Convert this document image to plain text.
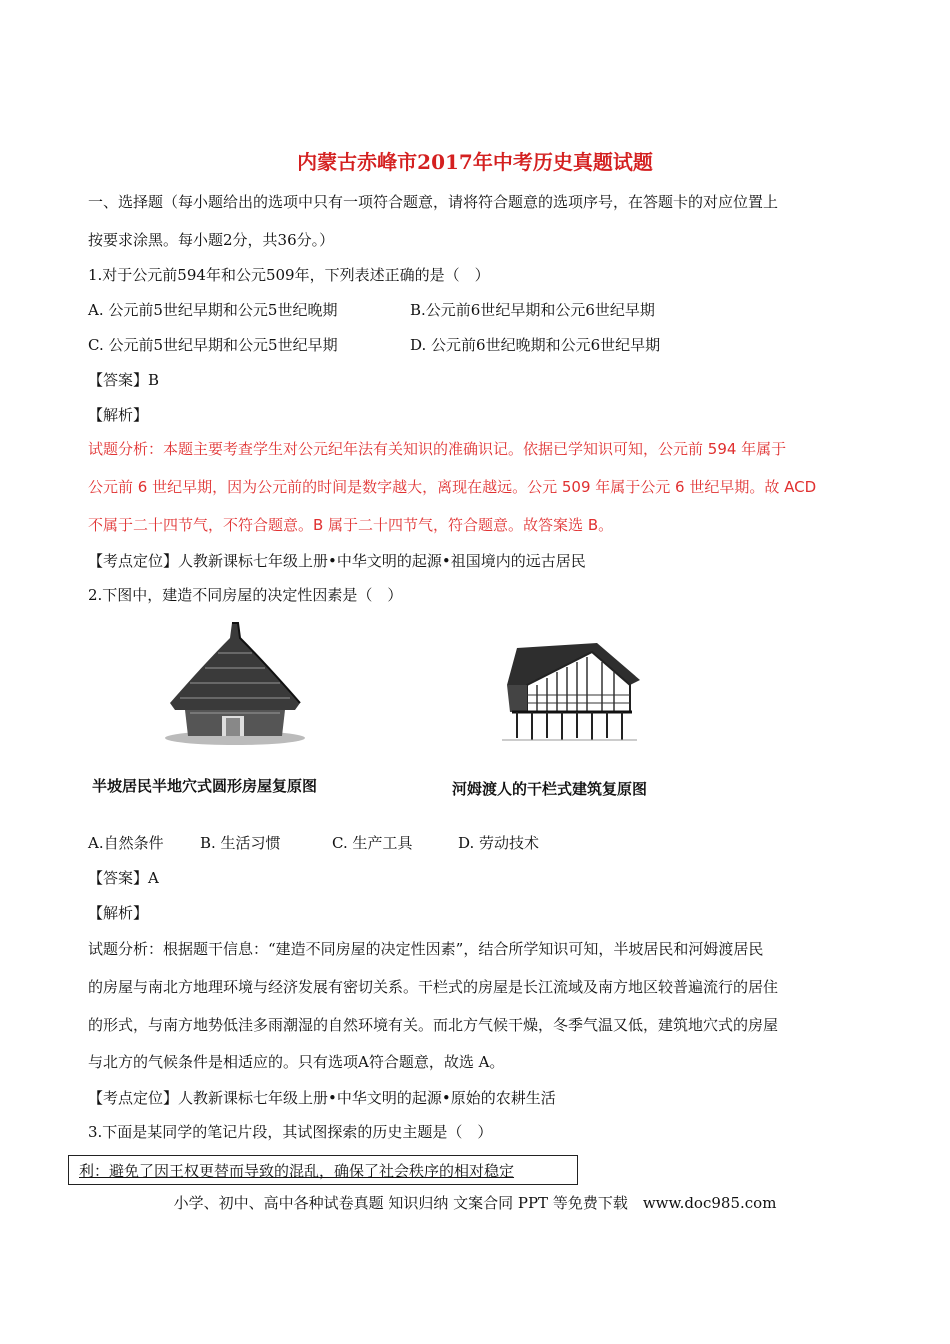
内蒙古赤峰市2017年中考历史真题试题
一、选择题（每小题给出的选项中只有一项符合题意，请将符合题意的选项序号，在答题卡的对应位置上
按要求涂黑。每小题2分，共36分。）
1.对于公元前594年和公元509年，下列表述正确的是（　）
A. 公元前5世纪早期和公元5世纪晚期	B.公元前6世纪早期和公元6世纪早期
C. 公元前5世纪早期和公元5世纪早期	D. 公元前6世纪晚期和公元6世纪早期
【答案】B
【解析】
试题分析：本题主要考查学生对公元纪年法有关知识的准确识记。依据已学知识可知，公元前 594 年属于
公元前 6 世纪早期，因为公元前的时间是数字越大，离现在越远。公元 509 年属于公元 6 世纪早期。故 ACD
不属于二十四节气，不符合题意。B 属于二十四节气，符合题意。故答案选 B。
【考点定位】人教新课标七年级上册•中华文明的起源•祖国境内的远古居民
2.下图中，建造不同房屋的决定性因素是（　）
半坡居民半地穴式圆形房屋复原图	河姆渡人的干栏式建筑复原图
A.自然条件 B. 生活习惯	C. 生产工具	D. 劳动技术
【答案】A
【解析】
试题分析：根据题干信息：“建造不同房屋的决定性因素”，结合所学知识可知，半坡居民和河姆渡居民
的房屋与南北方地理环境与经济发展有密切关系。干栏式的房屋是长江流域及南方地区较普遍流行的居住
的形式，与南方地势低洼多雨潮湿的自然环境有关。而北方气候干燥，冬季气温又低，建筑地穴式的房屋
与北方的气候条件是相适应的。只有选项A符合题意，故选 A。
【考点定位】人教新课标七年级上册•中华文明的起源•原始的农耕生活
3.下面是某同学的笔记片段，其试图探索的历史主题是（　）
利：避免了因王权更替而导致的混乱，确保了社会秩序的相对稳定
小学、初中、高中各种试卷真题 知识归纳 文案合同 PPT 等免费下载　www.doc985.com
